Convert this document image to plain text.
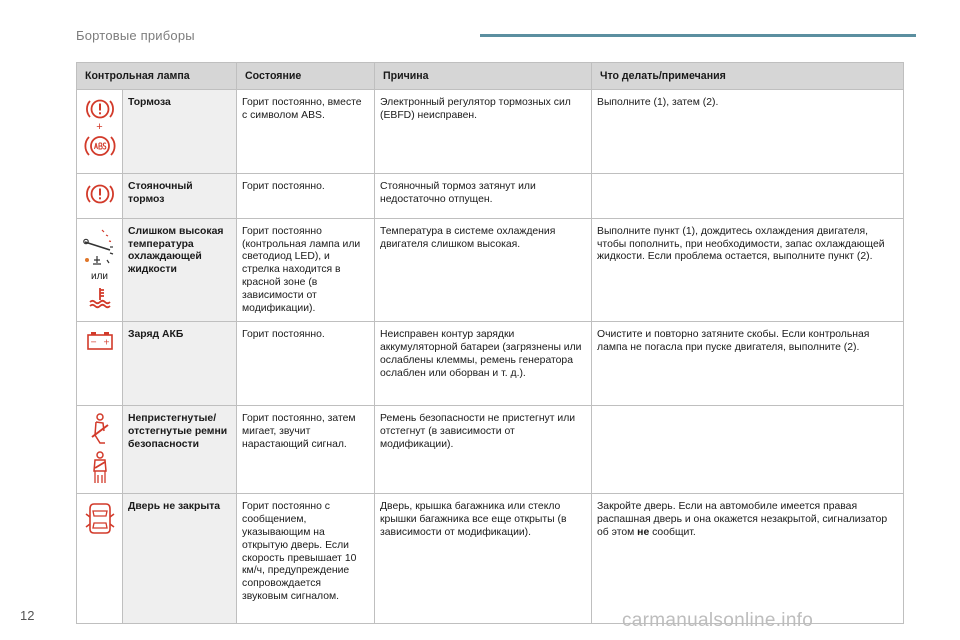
Бортовые приборы
Контрольная лампа		Состояние	Причина	Что делать/примечания

+	Тормоза	Горит постоянно, вместе с символом ABS.	Электронный регулятор тормозных сил (EBFD) неисправен.	Выполните (1), затем (2).
	Стояночный тормоз	Горит постоянно.	Стояночный тормоз затянут или недостаточно отпущен.	

или	Слишком высокая температура охлаждающей жидкости	Горит постоянно (контрольная лампа или светодиод LED), и стрелка находится в красной зоне (в зависимости от модификации).	Температура в системе охлаждения двигателя слишком высокая.	Выполните пункт (1), дождитесь охлаждения двигателя, чтобы пополнить, при необходимости, запас охлаждающей жидкости. Если проблема остается, выполните пункт (2).

− +	Заряд АКБ	Горит постоянно.	Неисправен контур зарядки аккумуляторной батареи (загрязнены или ослаблены клеммы, ремень генератора ослаблен или оборван и т. д.).	Очистите и повторно затяните скобы. Если контрольная лампа не погасла при пуске двигателя, выполните (2).

	Непристегнутые/ отстегнутые ремни безопасности	Горит постоянно, затем мигает, звучит нарастающий сигнал.	Ремень безопасности не пристегнут или отстегнут (в зависимости от модификации).	
	Дверь не закрыта	Горит постоянно с сообщением, указывающим на открытую дверь. Если скорость превышает 10 км/ч, предупреждение сопровождается звуковым сигналом.	Дверь, крышка багажника или стекло крышки багажника все еще открыты (в зависимости от модификации).	Закройте дверь. Если на автомобиле имеется правая распашная дверь и она окажется незакрытой, сигнализатор об этом не сообщит.
12	carmanualsonline.info
